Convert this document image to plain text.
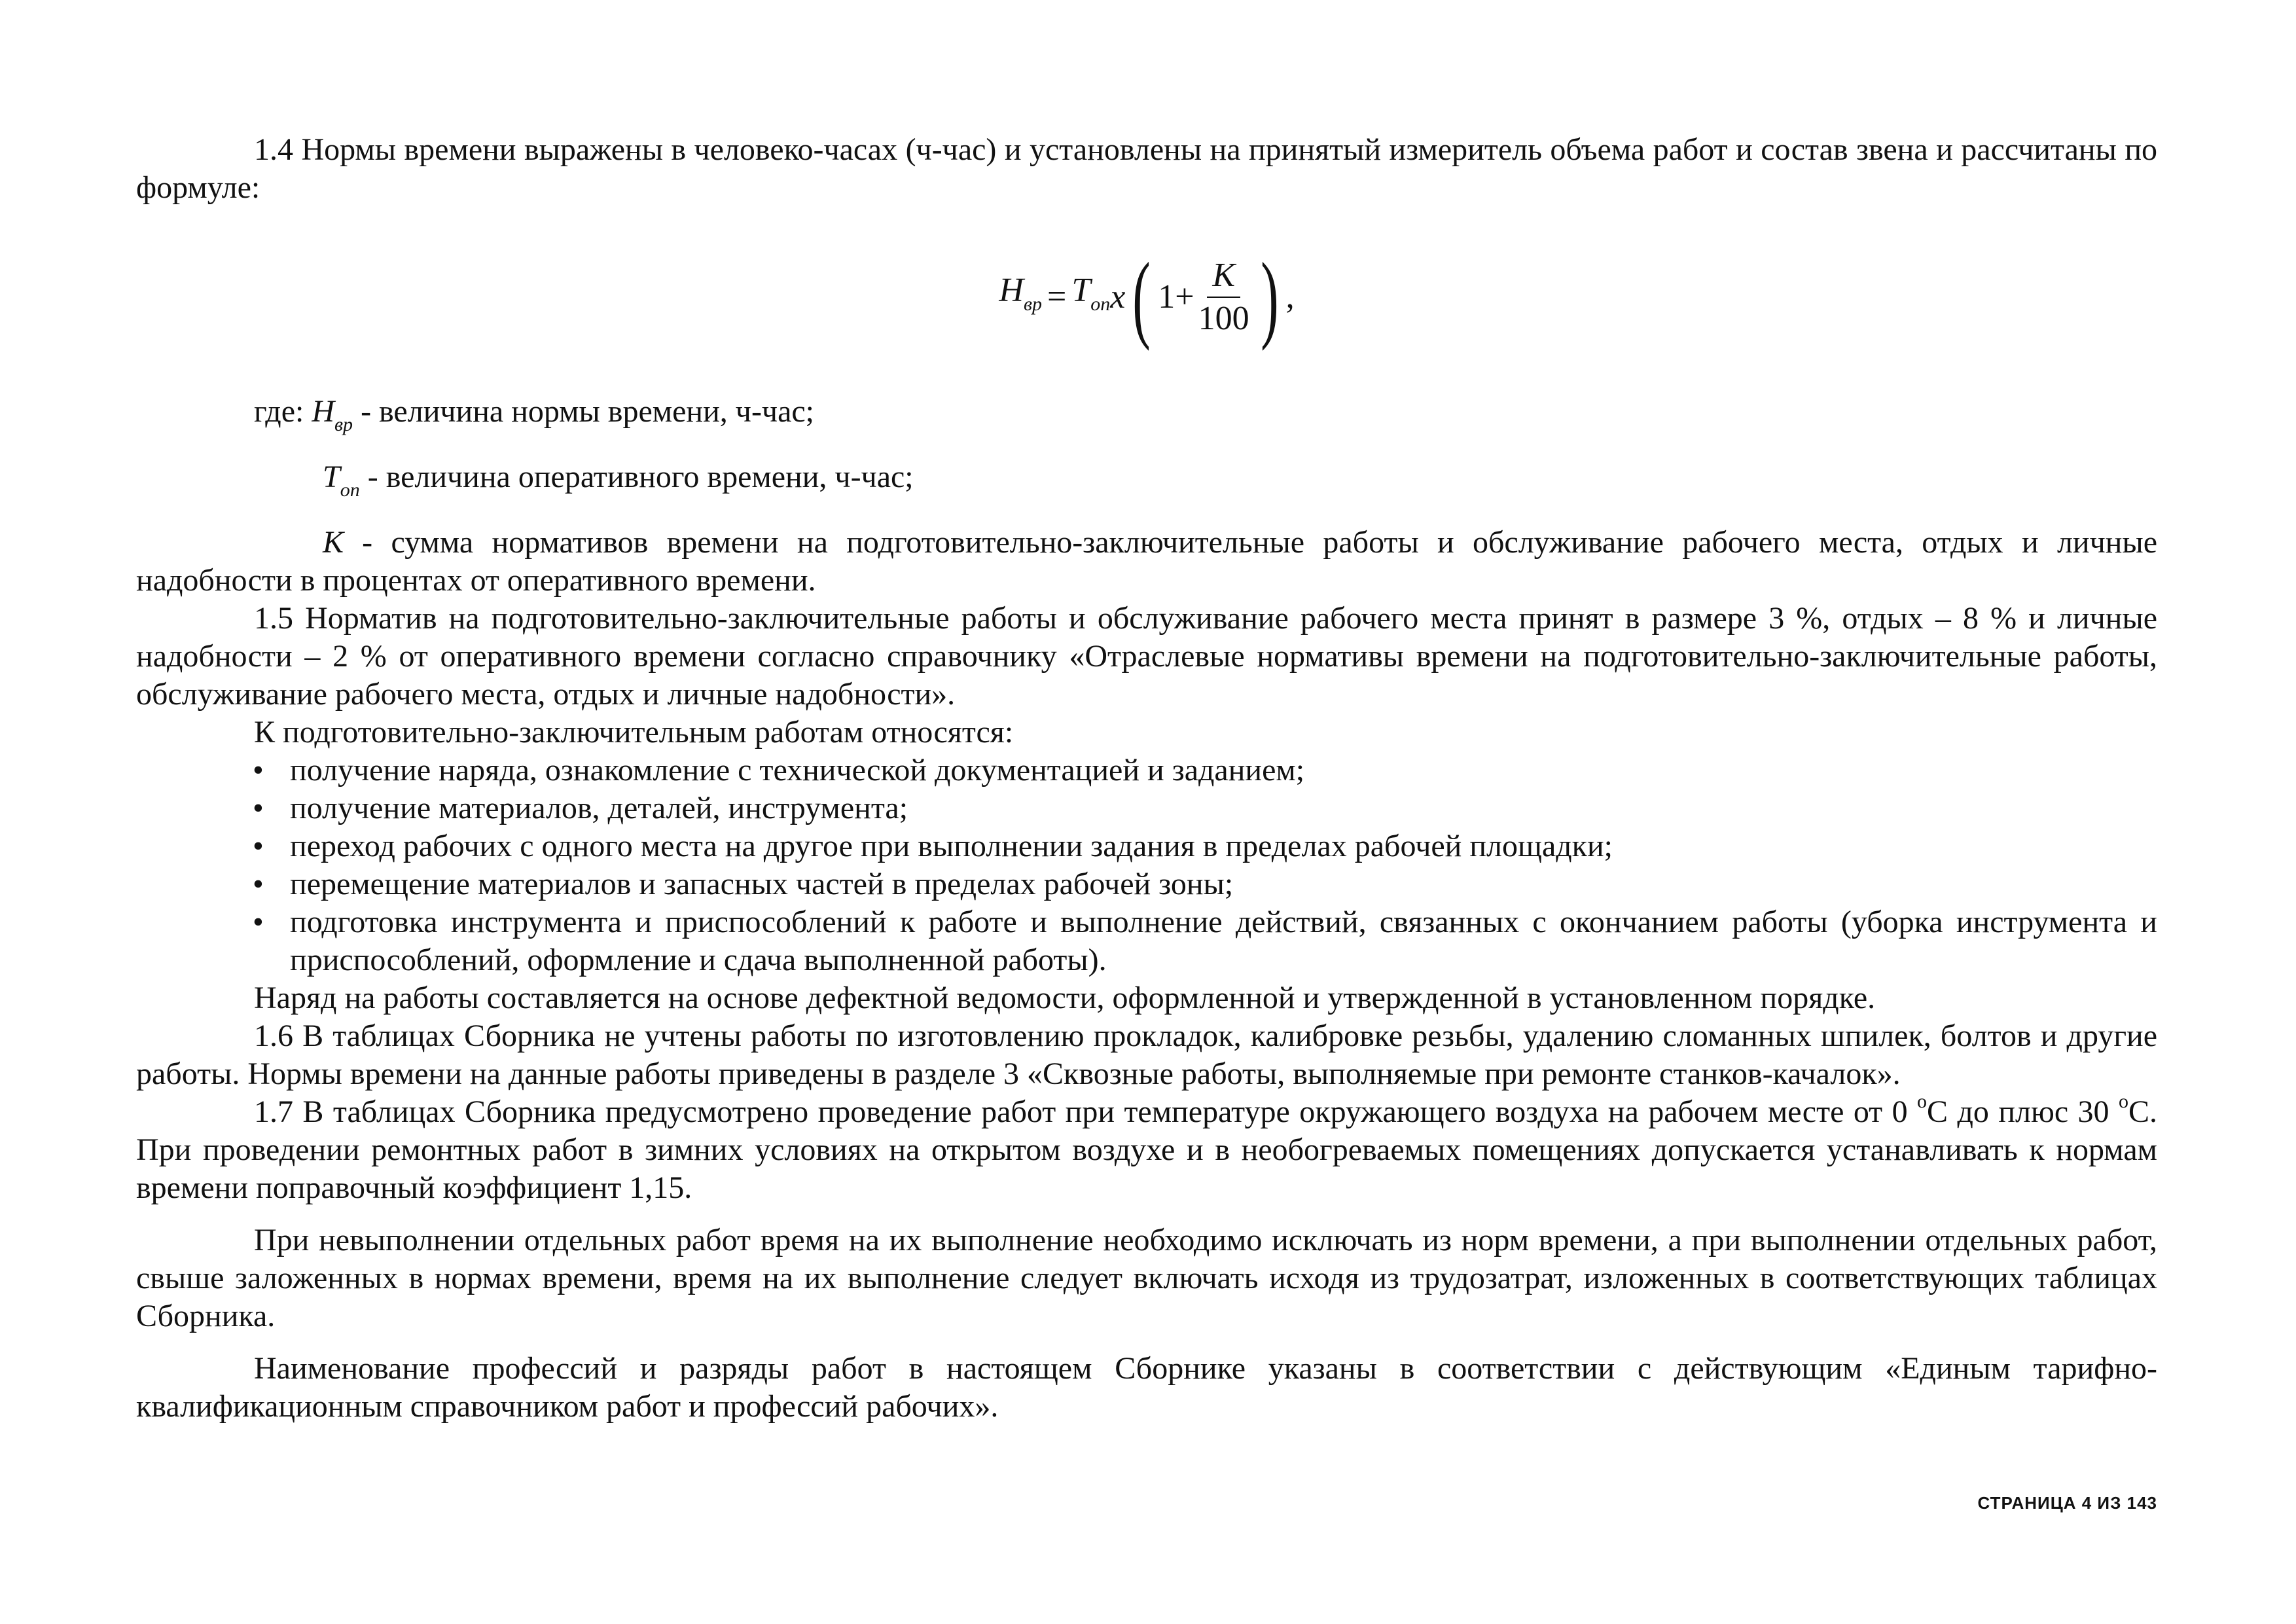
1.4 Нормы времени выражены в человеко-часах (ч-час) и установлены на принятый измеритель объема работ и состав звена и рассчитаны по формуле:

$Н_{вр} = Т_{оп}$ x ( $1+ \frac{К}{100}$ ) ,

где: $Н_{вр}$ - величина нормы времени, ч-час;

$Т_{оп}$ - величина оперативного времени, ч-час;

К - сумма нормативов времени на подготовительно-заключительные работы и обслуживание рабочего места, отдых и личные надобности в процентах от оперативного времени.

1.5 Норматив на подготовительно-заключительные работы и обслуживание рабочего места принят в размере 3 %, отдых – 8 % и личные надобности – 2 % от оперативного времени согласно справочнику «Отраслевые нормативы времени на подготовительно-заключительные работы, обслуживание рабочего места, отдых и личные надобности».

К подготовительно-заключительным работам относятся:

• получение наряда, ознакомление с технической документацией и заданием;
• получение материалов, деталей, инструмента;
• переход рабочих с одного места на другое при выполнении задания в пределах рабочей площадки;
• перемещение материалов и запасных частей в пределах рабочей зоны;
• подготовка инструмента и приспособлений к работе и выполнение действий, связанных с окончанием работы (уборка инструмента и приспособлений, оформление и сдача выполненной работы).

Наряд на работы составляется на основе дефектной ведомости, оформленной и утвержденной в установленном порядке.

1.6 В таблицах Сборника не учтены работы по изготовлению прокладок, калибровке резьбы, удалению сломанных шпилек, болтов и другие работы. Нормы времени на данные работы приведены в разделе 3 «Сквозные работы, выполняемые при ремонте станков-качалок».

1.7 В таблицах Сборника предусмотрено проведение работ при температуре окружающего воздуха на рабочем месте от 0 $^о$С до плюс 30 $^о$С. При проведении ремонтных работ в зимних условиях на открытом воздухе и в необогреваемых помещениях допускается устанавливать к нормам времени поправочный коэффициент 1,15.

При невыполнении отдельных работ время на их выполнение необходимо исключать из норм времени, а при выполнении отдельных работ, свыше заложенных в нормах времени, время на их выполнение следует включать исходя из трудозатрат, изложенных в соответствующих таблицах Сборника.

Наименование профессий и разряды работ в настоящем Сборнике указаны в соответствии с действующим «Единым тарифно-квалификационным справочником работ и профессий рабочих».

СТРАНИЦА 4 ИЗ 143
